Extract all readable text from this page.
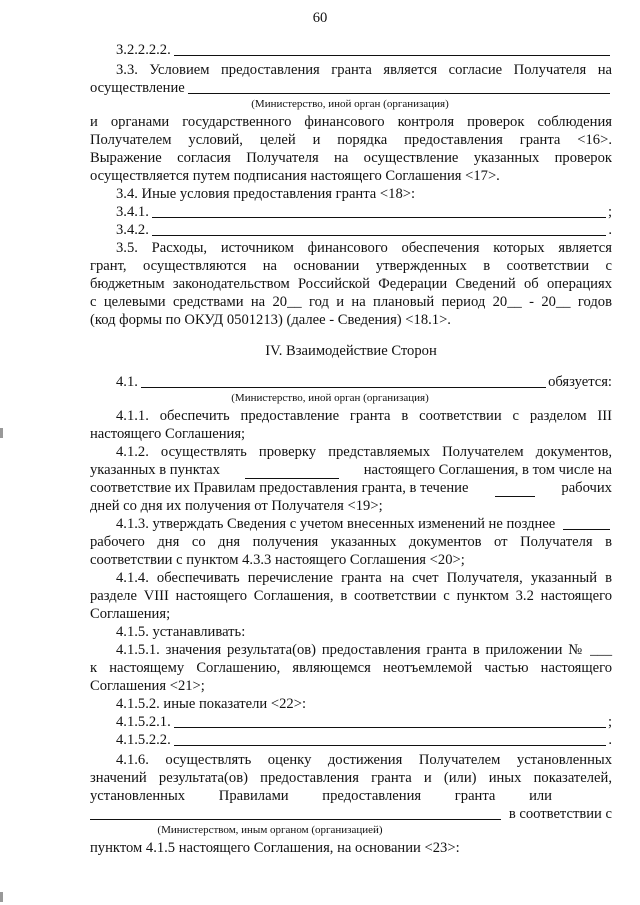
60
3.2.2.2.2.
3.3. Условием предоставления гранта является согласие Получателя на
осуществление
(Министерство, иной орган (организация)
и органами государственного финансового контроля проверок соблюдения
Получателем условий, целей и порядка предоставления гранта <16>.
Выражение согласия Получателя на осуществление указанных проверок
осуществляется путем подписания настоящего Соглашения <17>.
3.4. Иные условия предоставления гранта <18>:
3.4.1.	;
3.4.2.	.
3.5. Расходы, источником финансового обеспечения которых является
грант, осуществляются на основании утвержденных в соответствии с
бюджетным законодательством Российской Федерации Сведений об операциях
с целевыми средствами на 20__ год и на плановый период 20__ - 20__ годов
(код формы по ОКУД 0501213) (далее - Сведения) <18.1>.
IV. Взаимодействие Сторон
4.1.	обязуется:
(Министерство, иной орган (организация)
4.1.1. обеспечить предоставление гранта в соответствии с разделом III
настоящего Соглашения;
4.1.2. осуществлять проверку представляемых Получателем документов,
указанных в пунктах	настоящего Соглашения, в том числе на
соответствие их Правилам предоставления гранта, в течение	рабочих
дней со дня их получения от Получателя <19>;
4.1.3. утверждать Сведения с учетом внесенных изменений не позднее
рабочего дня со дня получения указанных документов от Получателя в
соответствии с пунктом 4.3.3 настоящего Соглашения <20>;
4.1.4. обеспечивать перечисление гранта на счет Получателя, указанный в
разделе VIII настоящего Соглашения, в соответствии с пунктом 3.2 настоящего
Соглашения;
4.1.5. устанавливать:
4.1.5.1. значения результата(ов) предоставления гранта в приложении № ___
к настоящему Соглашению, являющемся неотъемлемой частью настоящего
Соглашения <21>;
4.1.5.2. иные показатели <22>:
4.1.5.2.1.	;
4.1.5.2.2.	.
4.1.6. осуществлять оценку достижения Получателем установленных
значений результата(ов) предоставления гранта и (или) иных показателей,
установленных Правилами предоставления гранта или
в соответствии с
(Министерством, иным органом (организацией)
пунктом 4.1.5 настоящего Соглашения, на основании <23>:
